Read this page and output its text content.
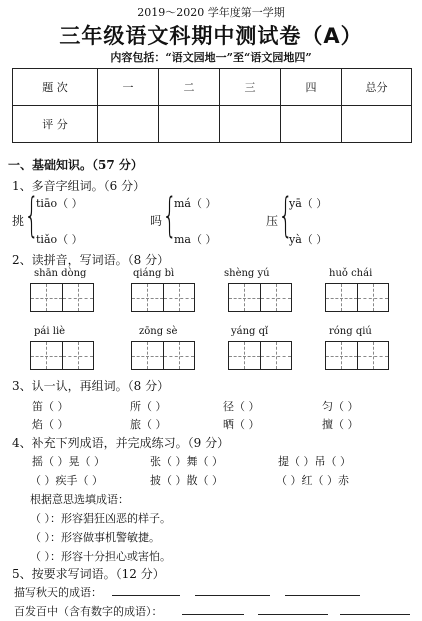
2019～2020 学年度第一学期
三年级语文科期中测试卷（A）
内容包括：“语文园地一”至“语文园地四”
题 次	一	二	三	四	总分
评 分					
一、基础知识。（57 分）
1、多音字组词。（6 分）
挑 {
tiāo（ ）
tiǎo（ ）
吗 {
má（ ）
ma（ ）
压 {
yā（ ）
yà（ ）
2、读拼音，写词语。（8 分）
shān dòng	qiáng bì	shèng yú	huǒ chái
pái liè	zōng sè	yáng qǐ	róng qiú
3、认一认，再组词。（8 分）
笛（ ）	所（ ）	径（ ）	匀（ ）
焰（ ）	旅（ ）	晒（ ）	擅（ ）
4、补充下列成语，并完成练习。（9 分）
摇（ ）晃（ ）	张（ ）舞（ ）	提（ ）吊（ ）
（ ）疾手（ ）	披（ ）散（ ）	（ ）红（ ）赤
根据意思选填成语：
（ ）：形容猖狂凶恶的样子。
（ ）：形容做事机警敏捷。
（ ）：形容十分担心或害怕。
5、按要求写词语。（12 分）
描写秋天的成语：
百发百中（含有数字的成语）：
